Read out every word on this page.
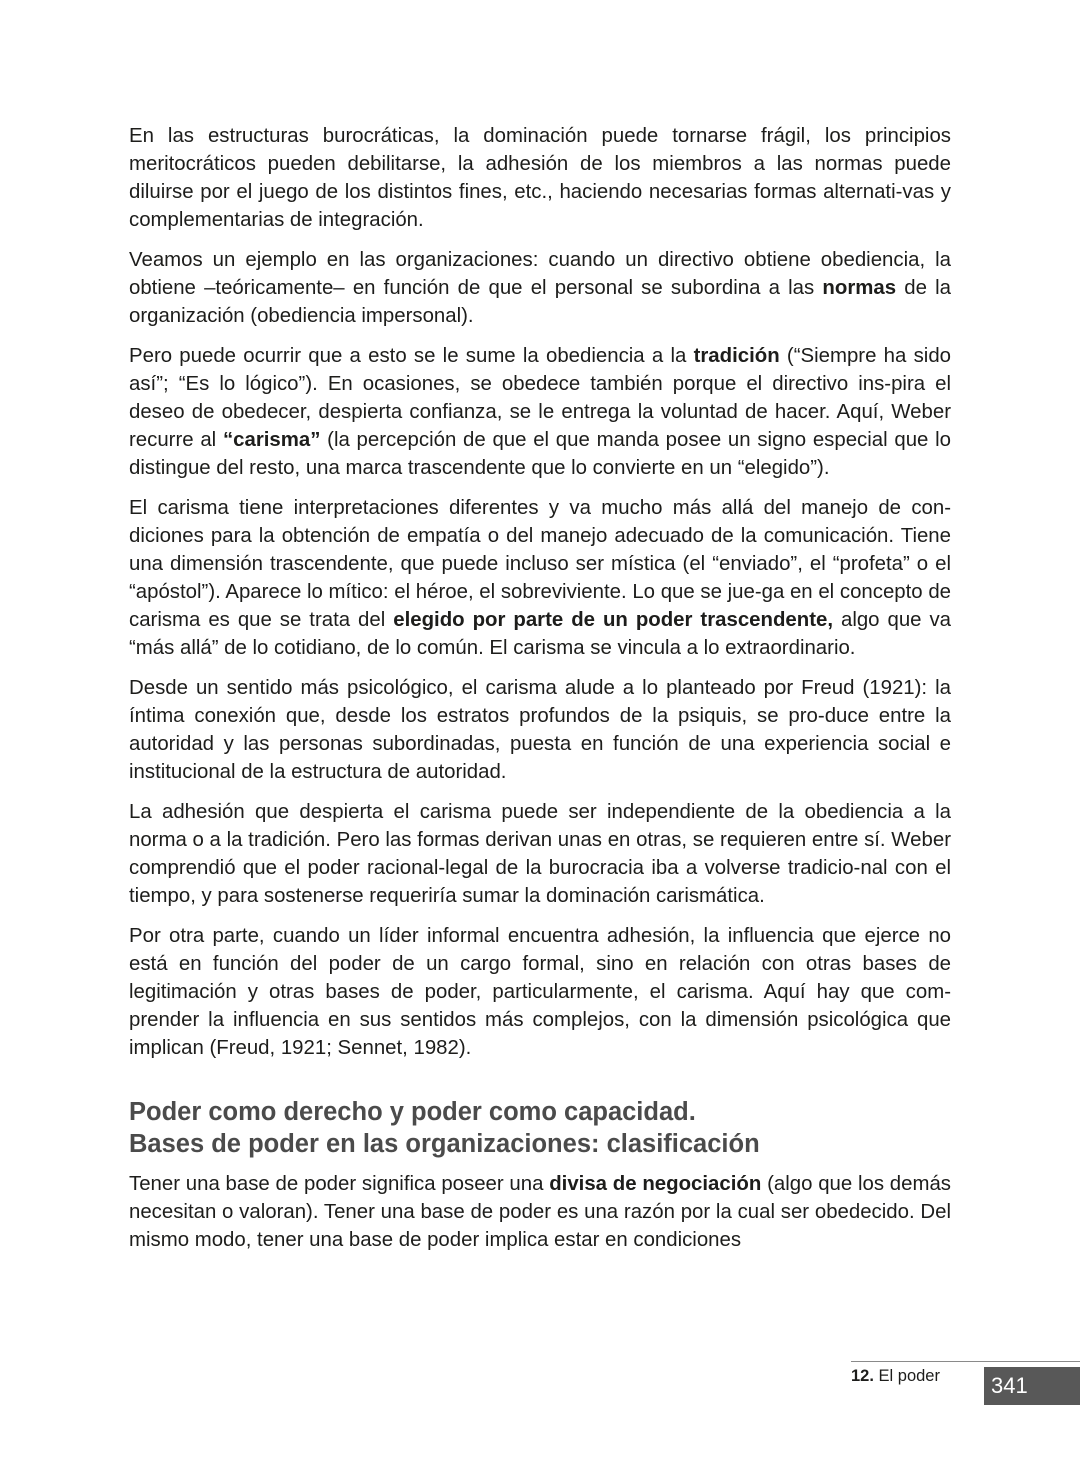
En las estructuras burocráticas, la dominación puede tornarse frágil, los principios meritocráticos pueden debilitarse, la adhesión de los miembros a las normas puede diluirse por el juego de los distintos fines, etc., haciendo necesarias formas alternati-vas y complementarias de integración.

Veamos un ejemplo en las organizaciones: cuando un directivo obtiene obediencia, la obtiene –teóricamente– en función de que el personal se subordina a las normas de la organización (obediencia impersonal).

Pero puede ocurrir que a esto se le sume la obediencia a la tradición (“Siempre ha sido así”; “Es lo lógico”). En ocasiones, se obedece también porque el directivo ins-pira el deseo de obedecer, despierta confianza, se le entrega la voluntad de hacer. Aquí, Weber recurre al “carisma” (la percepción de que el que manda posee un signo especial que lo distingue del resto, una marca trascendente que lo convierte en un “elegido”).

El carisma tiene interpretaciones diferentes y va mucho más allá del manejo de con-diciones para la obtención de empatía o del manejo adecuado de la comunicación. Tiene una dimensión trascendente, que puede incluso ser mística (el “enviado”, el “profeta” o el “apóstol”). Aparece lo mítico: el héroe, el sobreviviente. Lo que se jue-ga en el concepto de carisma es que se trata del elegido por parte de un poder trascendente, algo que va “más allá” de lo cotidiano, de lo común. El carisma se vincula a lo extraordinario.

Desde un sentido más psicológico, el carisma alude a lo planteado por Freud (1921): la íntima conexión que, desde los estratos profundos de la psiquis, se pro-duce entre la autoridad y las personas subordinadas, puesta en función de una experiencia social e institucional de la estructura de autoridad.

La adhesión que despierta el carisma puede ser independiente de la obediencia a la norma o a la tradición. Pero las formas derivan unas en otras, se requieren entre sí. Weber comprendió que el poder racional-legal de la burocracia iba a volverse tradicio-nal con el tiempo, y para sostenerse requeriría sumar la dominación carismática.

Por otra parte, cuando un líder informal encuentra adhesión, la influencia que ejerce no está en función del poder de un cargo formal, sino en relación con otras bases de legitimación y otras bases de poder, particularmente, el carisma. Aquí hay que com-prender la influencia en sus sentidos más complejos, con la dimensión psicológica que implican (Freud, 1921; Sennet, 1982).

Poder como derecho y poder como capacidad.
Bases de poder en las organizaciones: clasificación

Tener una base de poder significa poseer una divisa de negociación (algo que los demás necesitan o valoran). Tener una base de poder es una razón por la cual ser obedecido. Del mismo modo, tener una base de poder implica estar en condiciones

12. El poder	341
